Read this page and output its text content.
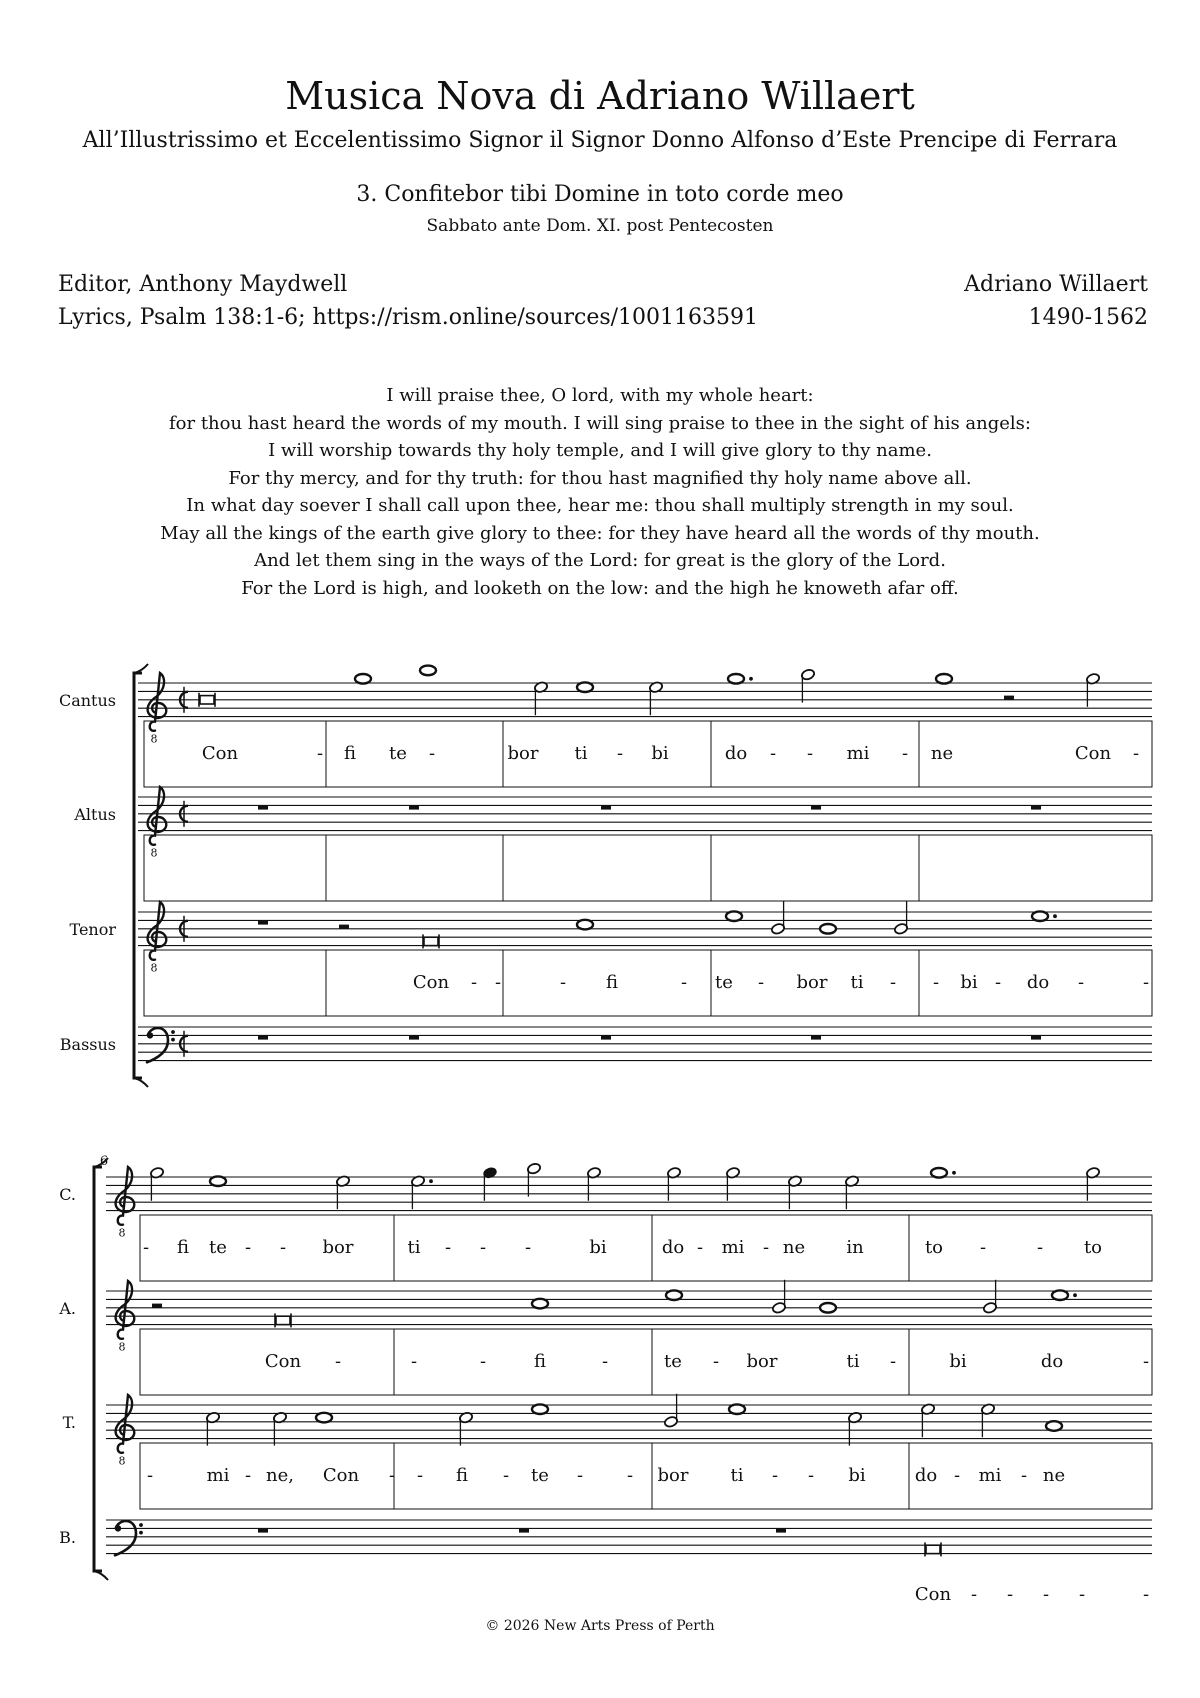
Musica Nova di Adriano Willaert
All’Illustrissimo et Eccelentissimo Signor il Signor Donno Alfonso d’Este Prencipe di Ferrara
3. Confitebor tibi Domine in toto corde meo
Sabbato ante Dom. XI. post Pentecosten
Editor, Anthony Maydwell
Lyrics, Psalm 138:1-6; https://rism.online/sources/1001163591
Adriano Willaert
1490-1562
I will praise thee, O lord, with my whole heart:
for thou hast heard the words of my mouth. I will sing praise to thee in the sight of his angels:
I will worship towards thy holy temple, and I will give glory to thy name.
For thy mercy, and for thy truth: for thou hast magnified thy holy name above all.
In what day soever I shall call upon thee, hear me: thou shall multiply strength in my soul.
May all the kings of the earth give glory to thee: for they have heard all the words of thy mouth.
And let them sing in the ways of the Lord: for great is the glory of the Lord.
For the Lord is high, and looketh on the low: and the high he knoweth afar off.
Cantus
8
Altus
8
Tenor
8
Bassus
Con	- fi te -	bor ti - bi	do - - mi - ne	Con -
Con - -	- fi	- te - bor ti - - bi - do -	-
6
C.
8
A.
8
T.
8
B.
- fi te - - bor	ti - - -	bi	do - mi - ne in	to -	- to
Con -	-	-	fi	-	te - bor	ti -	bi	do	-
-	mi - ne, Con - - fi - te - - bor ti - - bi	do - mi - ne
Con - - - -	-
© 2026 New Arts Press of Perth
